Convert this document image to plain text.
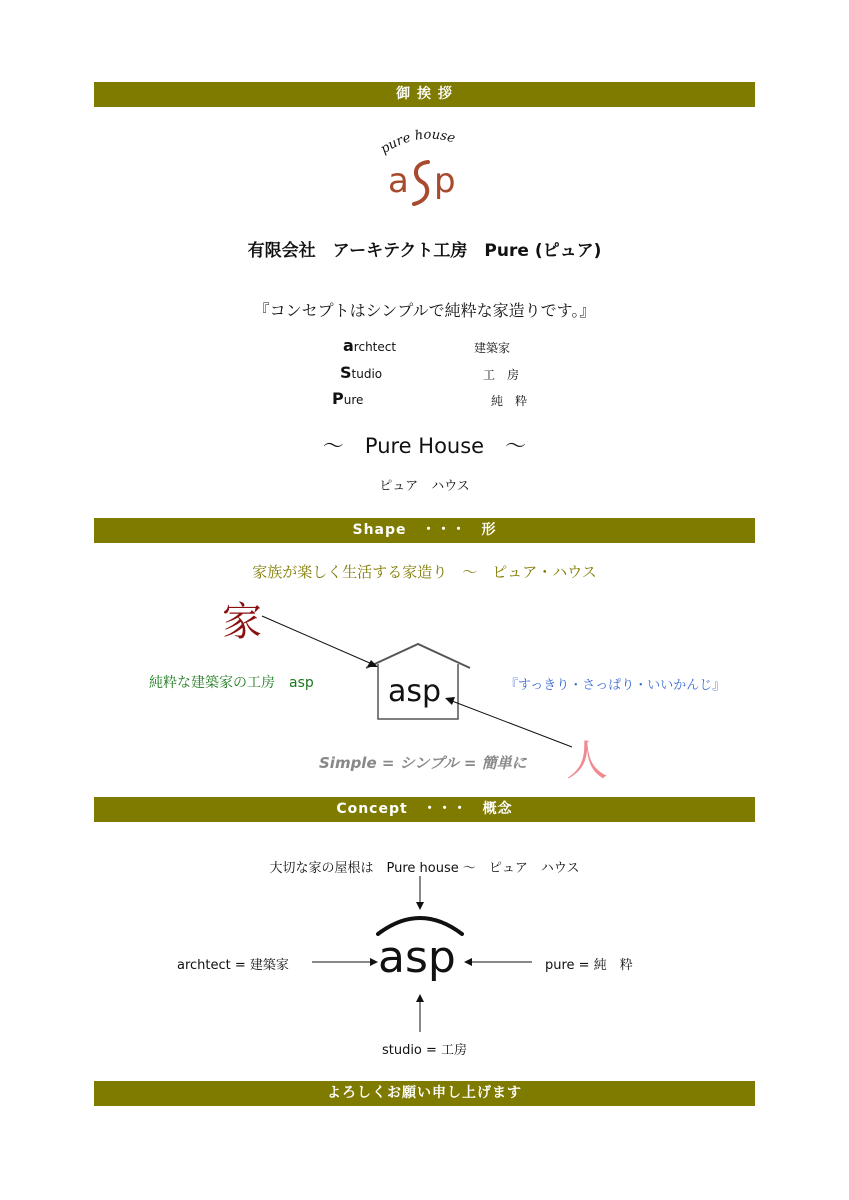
御 挨 拶
pure house
a p
有限会社　アーキテクト工房　Pure (ピュア)
『コンセプトはシンプルで純粋な家造りです。』
archtect	建築家
Studio	工　房
Pure	純　粋
～　Pure House　～
ピュア　ハウス
Shape　・・・　形
家族が楽しく生活する家造り　～　ピュア・ハウス
家
純粋な建築家の工房　asp	『すっきり・さっぱり・いいかんじ』
asp
Simple = シンプル = 簡単に 人
Concept　・・・　概念
大切な家の屋根は　Pure house ～　ピュア　ハウス
archtect = 建築家	pure = 純　粋
studio = 工房
asp
よろしくお願い申し上げます
